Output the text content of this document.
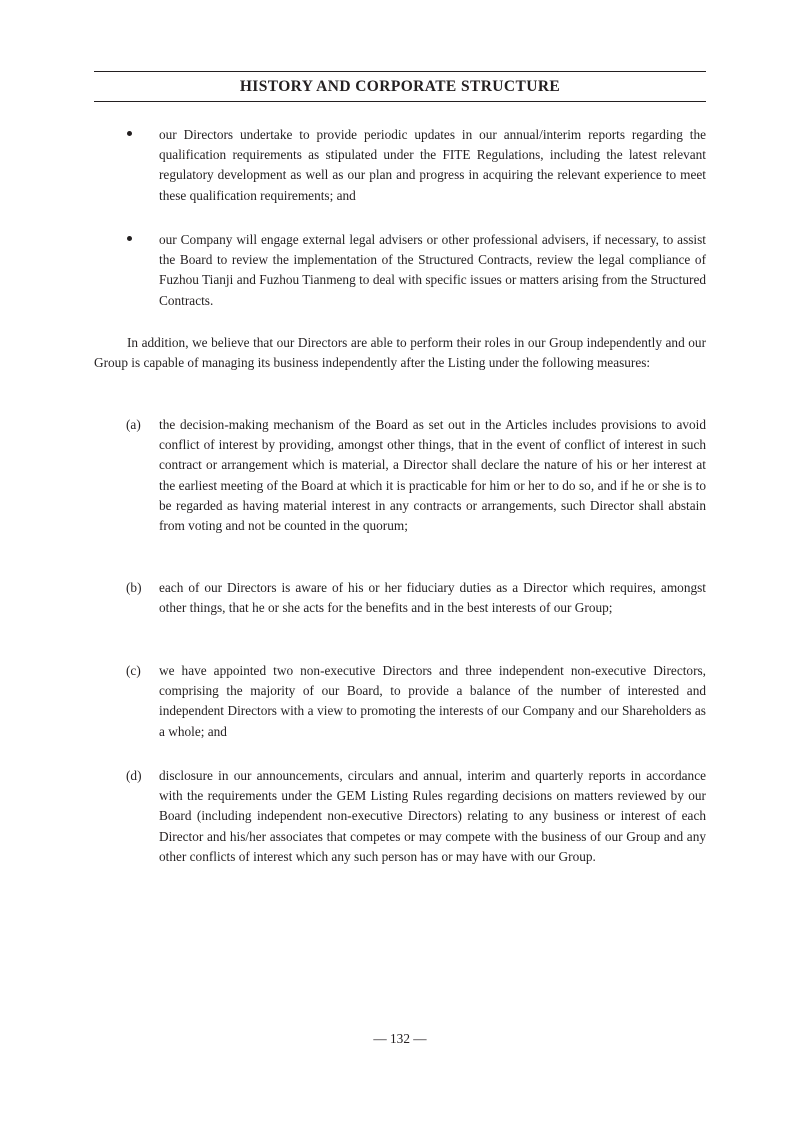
HISTORY AND CORPORATE STRUCTURE
our Directors undertake to provide periodic updates in our annual/interim reports regarding the qualification requirements as stipulated under the FITE Regulations, including the latest relevant regulatory development as well as our plan and progress in acquiring the relevant experience to meet these qualification requirements; and
our Company will engage external legal advisers or other professional advisers, if necessary, to assist the Board to review the implementation of the Structured Contracts, review the legal compliance of Fuzhou Tianji and Fuzhou Tianmeng to deal with specific issues or matters arising from the Structured Contracts.
In addition, we believe that our Directors are able to perform their roles in our Group independently and our Group is capable of managing its business independently after the Listing under the following measures:
(a) the decision-making mechanism of the Board as set out in the Articles includes provisions to avoid conflict of interest by providing, amongst other things, that in the event of conflict of interest in such contract or arrangement which is material, a Director shall declare the nature of his or her interest at the earliest meeting of the Board at which it is practicable for him or her to do so, and if he or she is to be regarded as having material interest in any contracts or arrangements, such Director shall abstain from voting and not be counted in the quorum;
(b) each of our Directors is aware of his or her fiduciary duties as a Director which requires, amongst other things, that he or she acts for the benefits and in the best interests of our Group;
(c) we have appointed two non-executive Directors and three independent non-executive Directors, comprising the majority of our Board, to provide a balance of the number of interested and independent Directors with a view to promoting the interests of our Company and our Shareholders as a whole; and
(d) disclosure in our announcements, circulars and annual, interim and quarterly reports in accordance with the requirements under the GEM Listing Rules regarding decisions on matters reviewed by our Board (including independent non-executive Directors) relating to any business or interest of each Director and his/her associates that competes or may compete with the business of our Group and any other conflicts of interest which any such person has or may have with our Group.
— 132 —
